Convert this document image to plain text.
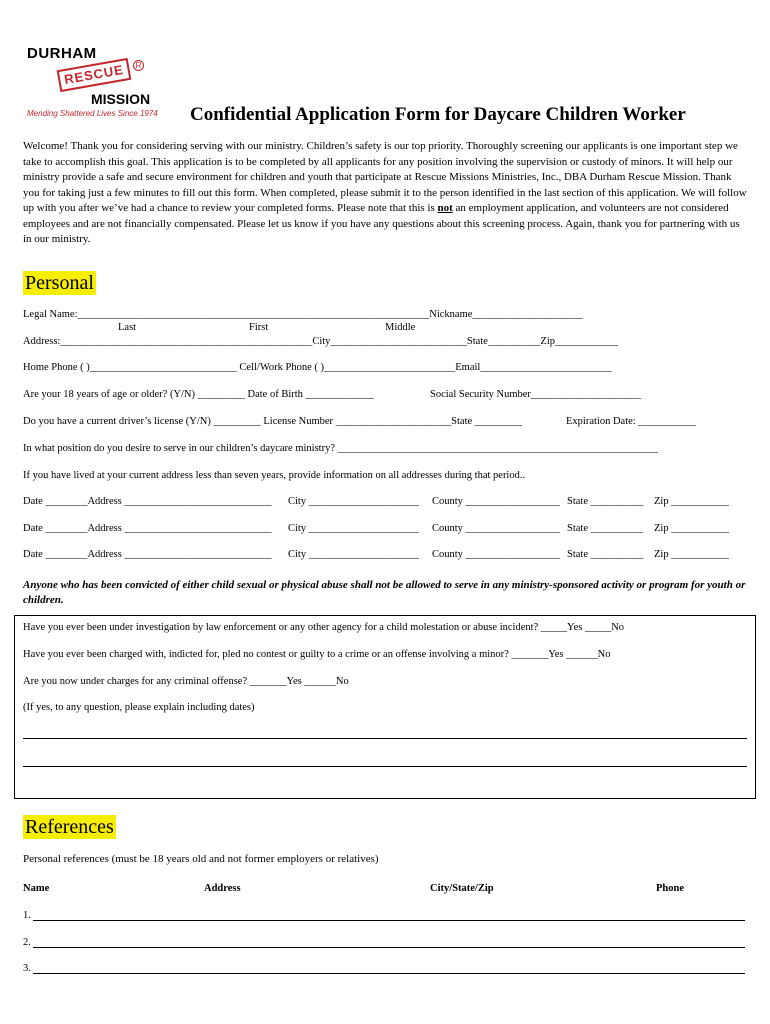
DURHAM
RESCUE	R
MISSION
Mending Shattered Lives Since 1974 Confidential Application Form for Daycare Children Worker
Welcome! Thank you for considering serving with our ministry. Children’s safety is our top priority. Thoroughly screening our applicants is one important step we take to accomplish this goal. This application is to be completed by all applicants for any position involving the supervision or custody of minors. It will help our ministry provide a safe and secure environment for children and youth that participate at Rescue Missions Ministries, Inc., DBA Durham Rescue Mission. Thank you for taking just a few minutes to fill out this form. When completed, please submit it to the person identified in the last section of this application. We will follow up with you after we’ve had a chance to review your completed forms. Please note that this is not an employment application, and volunteers are not considered employees and are not financially compensated. Please let us know if you have any questions about this screening process. Again, thank you for partnering with us in our ministry.
Personal
Legal Name:___________________________________________________________________Nickname_____________________
Last	First	Middle
Address:________________________________________________City__________________________State__________Zip____________
Home Phone ( )____________________________ Cell/Work Phone ( )_________________________Email_________________________
Are your 18 years of age or older? (Y/N) _________ Date of Birth _____________	Social Security Number_____________________
Do you have a current driver’s license (Y/N) _________ License Number ______________________State _________	Expiration Date: ___________
In what position do you desire to serve in our children’s daycare ministry? _____________________________________________________________
If you have lived at your current address less than seven years, provide information on all addresses during that period..
Date ________Address ____________________________ City _____________________ County __________________ State __________ Zip ___________
Date ________Address ____________________________ City _____________________ County __________________ State __________ Zip ___________
Date ________Address ____________________________ City _____________________ County __________________ State __________ Zip ___________
Anyone who has been convicted of either child sexual or physical abuse shall not be allowed to serve in any ministry-sponsored activity or program for youth or children.
Have you ever been under investigation by law enforcement or any other agency for a child molestation or abuse incident? _____Yes _____No
Have you ever been charged with, indicted for, pled no contest or guilty to a crime or an offense involving a minor? _______Yes ______No
Are you now under charges for any criminal offense? _______Yes ______No
(If yes, to any question, please explain including dates)
References
Personal references (must be 18 years old and not former employers or relatives)
Name	Address	City/State/Zip	Phone
1.
2.
3.
